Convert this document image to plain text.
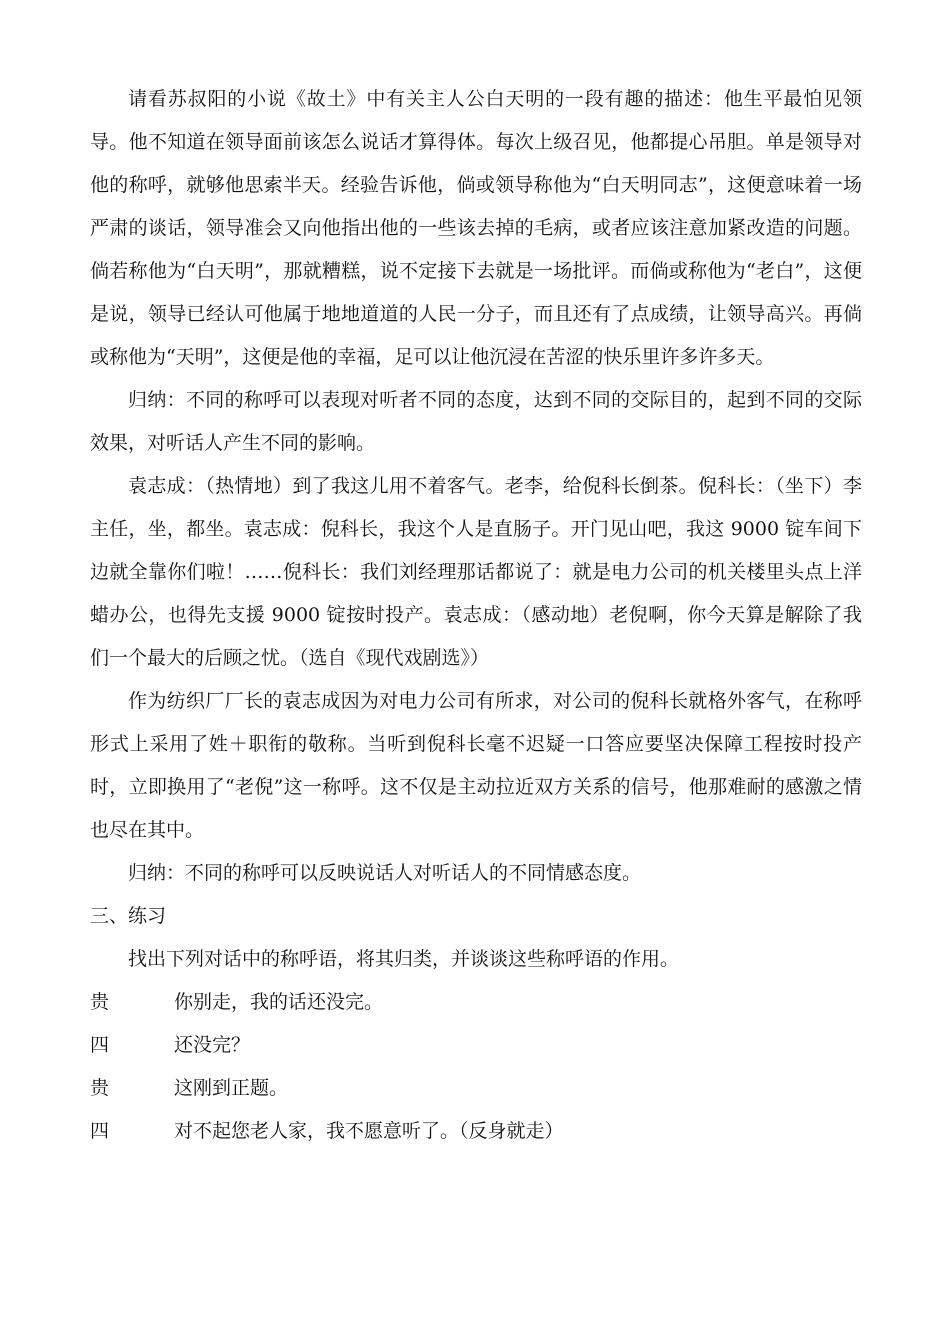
请看苏叔阳的小说《故土》中有关主人公白天明的一段有趣的描述：他生平最怕见领导。他不知道在领导面前该怎么说话才算得体。每次上级召见，他都提心吊胆。单是领导对他的称呼，就够他思索半天。经验告诉他，倘或领导称他为“白天明同志”，这便意味着一场严肃的谈话，领导准会又向他指出他的一些该去掉的毛病，或者应该注意加紧改造的问题。倘若称他为“白天明”，那就糟糕，说不定接下去就是一场批评。而倘或称他为“老白”，这便是说，领导已经认可他属于地地道道的人民一分子，而且还有了点成绩，让领导高兴。再倘或称他为“天明”，这便是他的幸福，足可以让他沉浸在苦涩的快乐里许多许多天。

归纳：不同的称呼可以表现对听者不同的态度，达到不同的交际目的，起到不同的交际效果，对听话人产生不同的影响。

袁志成：（热情地）到了我这儿用不着客气。老李，给倪科长倒茶。倪科长：（坐下）李主任，坐，都坐。袁志成：倪科长，我这个人是直肠子。开门见山吧，我这 9000 锭车间下边就全靠你们啦！……倪科长：我们刘经理那话都说了：就是电力公司的机关楼里头点上洋蜡办公，也得先支援 9000 锭按时投产。袁志成：（感动地）老倪啊，你今天算是解除了我们一个最大的后顾之忧。（选自《现代戏剧选》）

作为纺织厂厂长的袁志成因为对电力公司有所求，对公司的倪科长就格外客气，在称呼形式上采用了姓＋职衔的敬称。当听到倪科长毫不迟疑一口答应要坚决保障工程按时投产时，立即换用了“老倪”这一称呼。这不仅是主动拉近双方关系的信号，他那难耐的感激之情也尽在其中。

归纳：不同的称呼可以反映说话人对听话人的不同情感态度。

三、练习

找出下列对话中的称呼语，将其归类，并谈谈这些称呼语的作用。

贵	你别走，我的话还没完。
四	还没完？
贵	这刚到正题。
四	对不起您老人家，我不愿意听了。（反身就走）
